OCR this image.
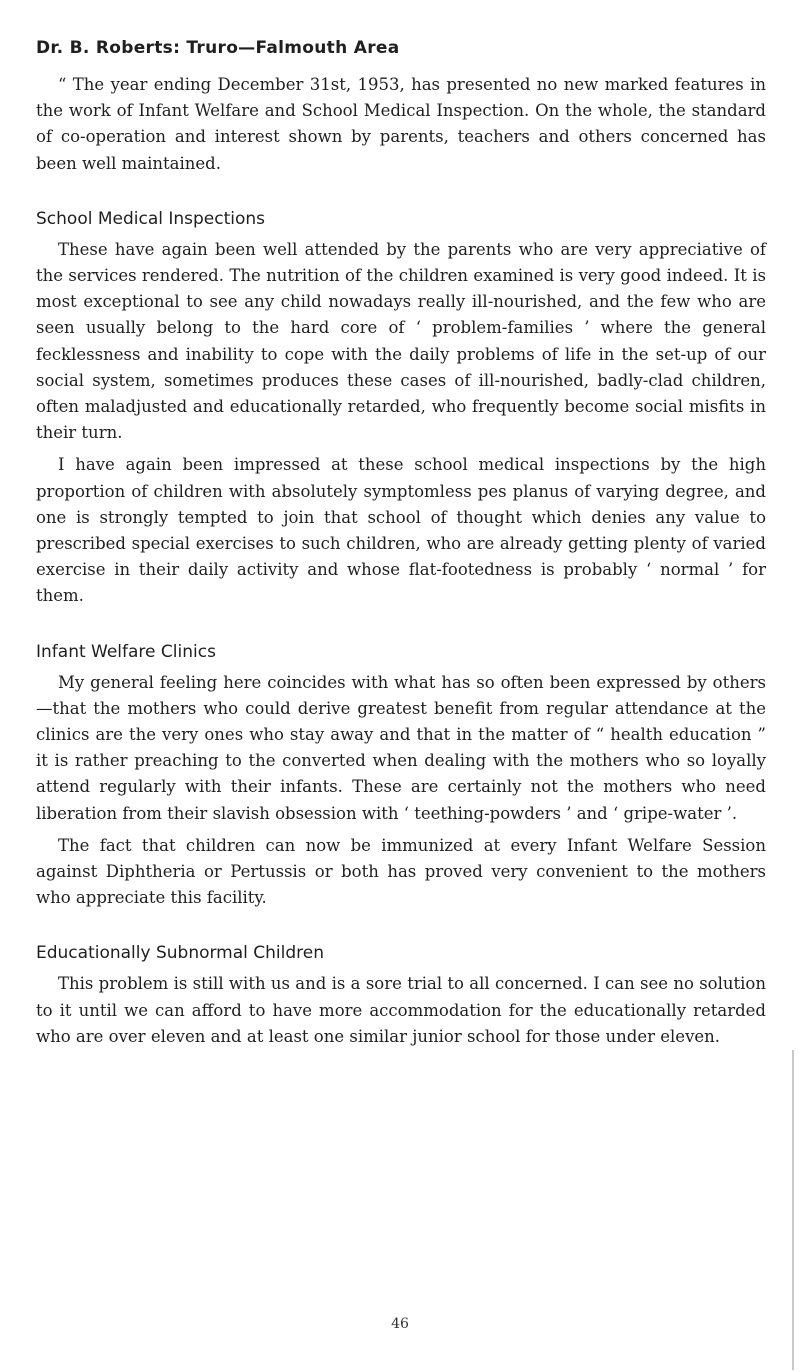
Dr. B. Roberts: Truro—Falmouth Area

“ The year ending December 31st, 1953, has presented no new marked features in the work of Infant Welfare and School Medical Inspection. On the whole, the standard of co-operation and interest shown by parents, teachers and others concerned has been well maintained.

School Medical Inspections

These have again been well attended by the parents who are very appreciative of the services rendered. The nutrition of the children examined is very good indeed. It is most exceptional to see any child nowadays really ill-nourished, and the few who are seen usually belong to the hard core of ‘ problem-families ’ where the general fecklessness and inability to cope with the daily problems of life in the set-up of our social system, sometimes produces these cases of ill-nourished, badly-clad children, often maladjusted and educationally retarded, who frequently become social misfits in their turn.

I have again been impressed at these school medical inspections by the high proportion of children with absolutely symptomless pes planus of varying degree, and one is strongly tempted to join that school of thought which denies any value to prescribed special exercises to such children, who are already getting plenty of varied exercise in their daily activity and whose flat-footedness is probably ‘ normal ’ for them.

Infant Welfare Clinics

My general feeling here coincides with what has so often been expressed by others—that the mothers who could derive greatest benefit from regular attendance at the clinics are the very ones who stay away and that in the matter of “ health education ” it is rather preaching to the converted when dealing with the mothers who so loyally attend regularly with their infants. These are certainly not the mothers who need liberation from their slavish obsession with ‘ teething-powders ’ and ‘ gripe-water ’.

The fact that children can now be immunized at every Infant Welfare Session against Diphtheria or Pertussis or both has proved very convenient to the mothers who appreciate this facility.

Educationally Subnormal Children

This problem is still with us and is a sore trial to all concerned. I can see no solution to it until we can afford to have more accommodation for the educationally retarded who are over eleven and at least one similar junior school for those under eleven.

46
